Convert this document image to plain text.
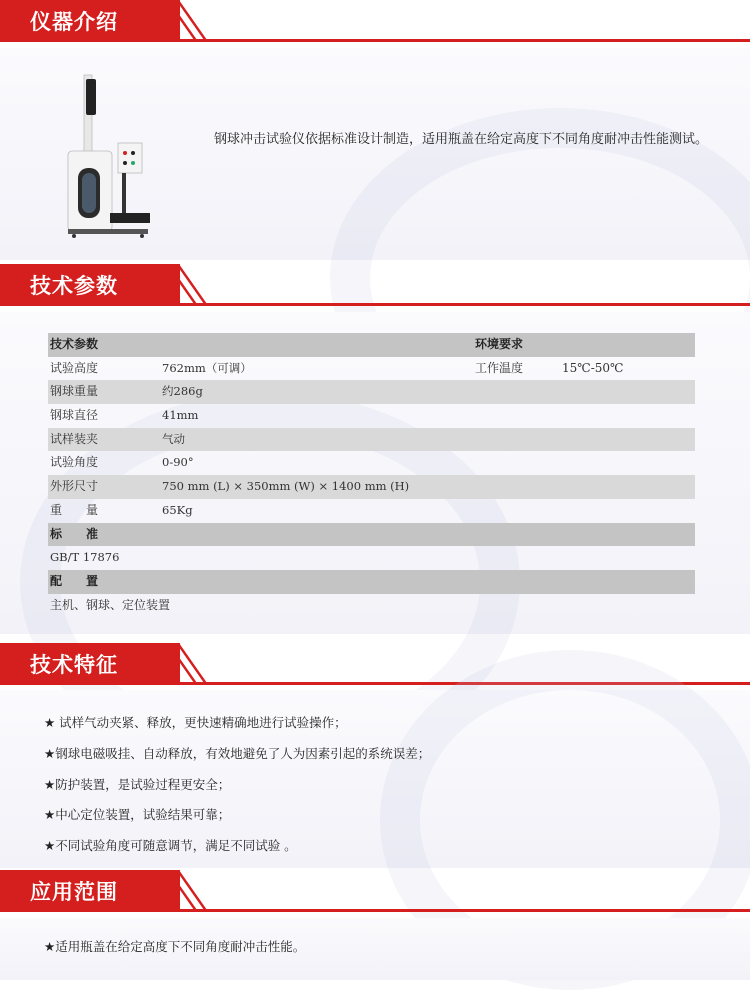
仪器介绍
钢球冲击试验仪依据标准设计制造，适用瓶盖在给定高度下不同角度耐冲击性能测试。
技术参数
技术参数	环境要求
试验高度	762mm（可调）	工作温度	15℃-50℃
钢球重量	约286g
钢球直径	41mm
试样装夹	气动
试验角度	0-90°
外形尺寸	750 mm (L) × 350mm (W) × 1400 mm (H)
重　　量	65Kg
标　　准
GB/T 17876
配　　置
主机、钢球、定位装置
技术特征
★ 试样气动夹紧、释放，更快速精确地进行试验操作；
★钢球电磁吸挂、自动释放，有效地避免了人为因素引起的系统误差；
★防护装置，是试验过程更安全；
★中心定位装置，试验结果可靠；
★不同试验角度可随意调节，满足不同试验 。
应用范围
★适用瓶盖在给定高度下不同角度耐冲击性能。
